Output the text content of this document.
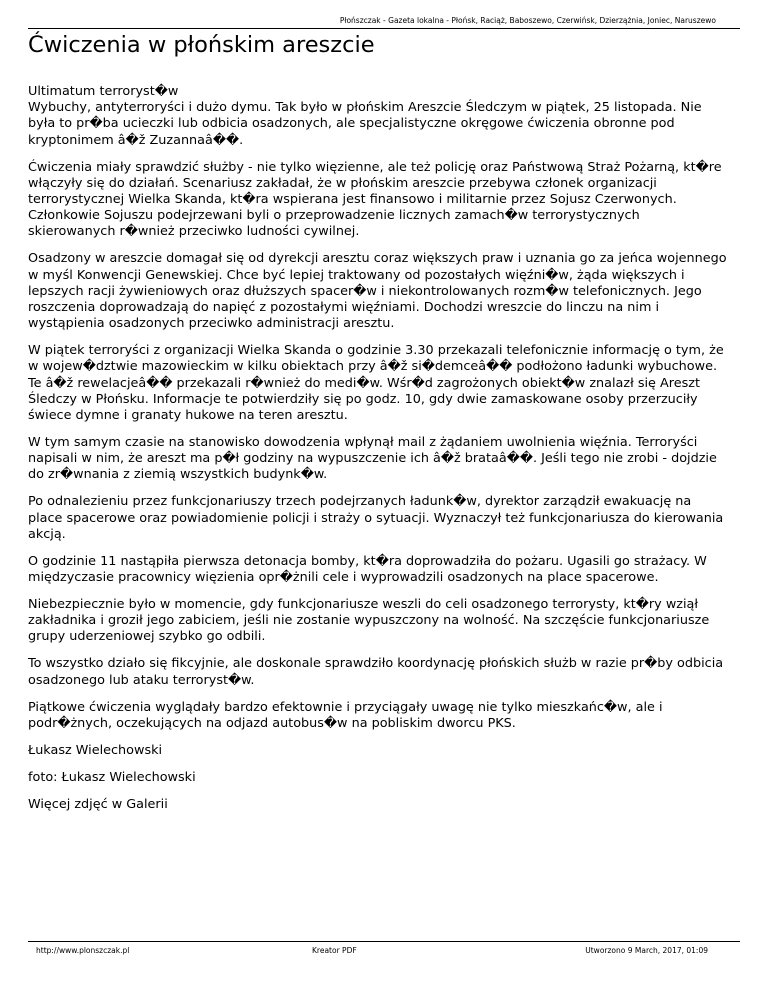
Płońszczak - Gazeta lokalna - Płońsk, Raciąż, Baboszewo, Czerwińsk, Dzierzążnia, Joniec, Naruszewo
Ćwiczenia w płońskim areszcie

Ultimatum terroryst�w

Wybuchy, antyterroryści i dużo dymu. Tak było w płońskim Areszcie Śledczym w piątek, 25 listopada. Nie była to pr�ba ucieczki lub odbicia osadzonych, ale specjalistyczne okręgowe ćwiczenia obronne pod kryptonimem â�ž Zuzannaâ��.

Ćwiczenia miały sprawdzić służby - nie tylko więzienne, ale też policję oraz Państwową Straż Pożarną, kt�re włączyły się do działań. Scenariusz zakładał, że w płońskim areszcie przebywa członek organizacji terrorystycznej Wielka Skanda, kt�ra wspierana jest finansowo i militarnie przez Sojusz Czerwonych. Członkowie Sojuszu podejrzewani byli o przeprowadzenie licznych zamach�w terrorystycznych skierowanych r�wnież przeciwko ludności cywilnej.

Osadzony w areszcie domagał się od dyrekcji aresztu coraz większych praw i uznania go za jeńca wojennego w myśl Konwencji Genewskiej. Chce być lepiej traktowany od pozostałych więźni�w, żąda większych i lepszych racji żywieniowych oraz dłuższych spacer�w i niekontrolowanych rozm�w telefonicznych. Jego roszczenia doprowadzają do napięć z pozostałymi więźniami. Dochodzi wreszcie do linczu na nim i wystąpienia osadzonych przeciwko administracji aresztu.

W piątek terroryści z organizacji Wielka Skanda o godzinie 3.30 przekazali telefonicznie informację o tym, że w wojew�dztwie mazowieckim w kilku obiektach przy â�ž si�demceâ�� podłożono ładunki wybuchowe. Te â�ž rewelacjeâ�� przekazali r�wnież do medi�w. Wśr�d zagrożonych obiekt�w znalazł się Areszt Śledczy w Płońsku. Informacje te potwierdziły się po godz. 10, gdy dwie zamaskowane osoby przerzuciły świece dymne i granaty hukowe na teren aresztu.

W tym samym czasie na stanowisko dowodzenia wpłynął mail z żądaniem uwolnienia więźnia. Terroryści napisali w nim, że areszt ma p�ł godziny na wypuszczenie ich â�ž brataâ��. Jeśli tego nie zrobi - dojdzie do zr�wnania z ziemią wszystkich budynk�w.

Po odnalezieniu przez funkcjonariuszy trzech podejrzanych ładunk�w, dyrektor zarządził ewakuację na place spacerowe oraz powiadomienie policji i straży o sytuacji. Wyznaczył też funkcjonariusza do kierowania akcją.

O godzinie 11 nastąpiła pierwsza detonacja bomby, kt�ra doprowadziła do pożaru. Ugasili go strażacy. W międzyczasie pracownicy więzienia opr�żnili cele i wyprowadzili osadzonych na place spacerowe.

Niebezpiecznie było w momencie, gdy funkcjonariusze weszli do celi osadzonego terrorysty, kt�ry wziął zakładnika i groził jego zabiciem, jeśli nie zostanie wypuszczony na wolność. Na szczęście funkcjonariusze grupy uderzeniowej szybko go odbili.

To wszystko działo się fikcyjnie, ale doskonale sprawdziło koordynację płońskich służb w razie pr�by odbicia osadzonego lub ataku terroryst�w.

Piątkowe ćwiczenia wyglądały bardzo efektownie i przyciągały uwagę nie tylko mieszkańc�w, ale i podr�żnych, oczekujących na odjazd autobus�w na pobliskim dworcu PKS.

Łukasz Wielechowski

foto: Łukasz Wielechowski

Więcej zdjęć w Galerii

http://www.plonszczak.pl	Kreator PDF	Utworzono 9 March, 2017, 01:09
